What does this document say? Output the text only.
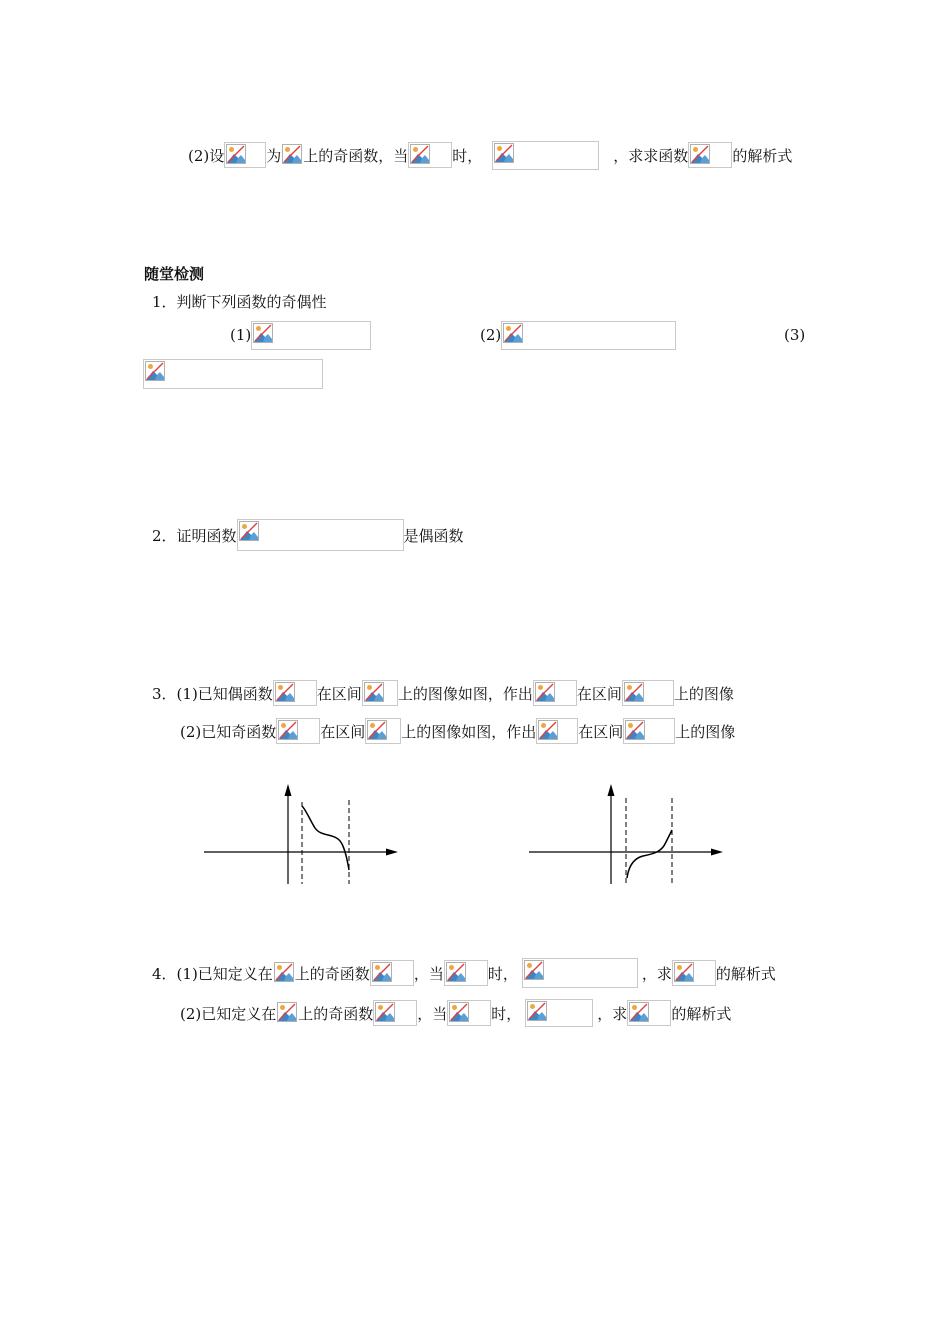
(2)设	为 上的奇函数，当	时，	，求求函数	的解析式
随堂检测
1．判断下列函数的奇偶性
(1)	(2)	(3)
2．证明函数	是偶函数
3．(1)已知偶函数	在区间 上的图像如图，作出	在区间	上的图像
(2)已知奇函数	在区间 上的图像如图，作出	在区间	上的图像
4．(1)已知定义在 上的奇函数	，当	时，	，求	的解析式
(2)已知定义在 上的奇函数	，当	时，	，求	的解析式
